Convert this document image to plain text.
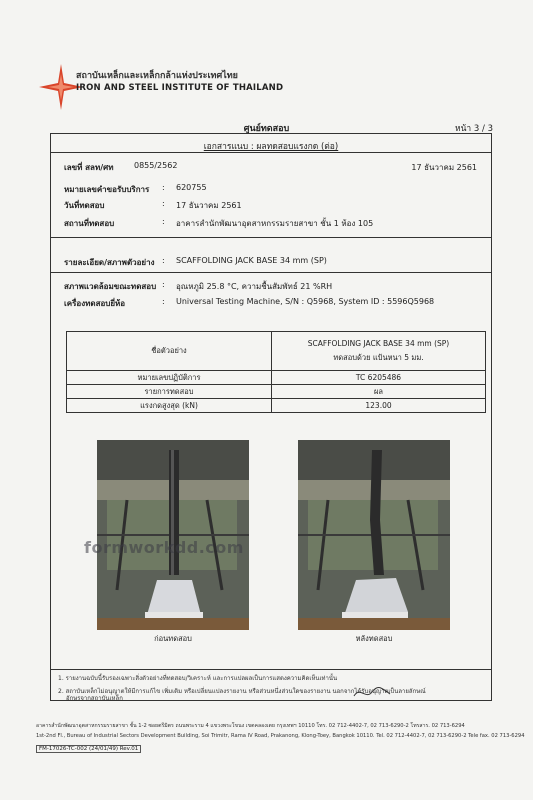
สถาบันเหล็กและเหล็กกล้าแห่งประเทศไทย
IRON AND STEEL INSTITUTE OF THAILAND
ศูนย์ทดสอบ	หน้า 3 / 3
เอกสารแนบ : ผลทดสอบแรงกด (ต่อ)
เลขที่ สลท/ศท	0855/2562	17 ธันวาคม 2561
หมายเลขคำขอรับบริการ : 620755
วันที่ทดสอบ	: 17 ธันวาคม 2561
สถานที่ทดสอบ	: อาคารสำนักพัฒนาอุตสาหกรรมรายสาขา ชั้น 1 ห้อง 105
รายละเอียด/สภาพตัวอย่าง : SCAFFOLDING JACK BASE 34 mm (SP)
สภาพแวดล้อมขณะทดสอบ : อุณหภูมิ 25.8 °C, ความชื้นสัมพัทธ์ 21 %RH
เครื่องทดสอบยี่ห้อ	: Universal Testing Machine, S/N : Q5968, System ID : 5596Q5968
ชื่อตัวอย่าง	SCAFFOLDING JACK BASE 34 mm (SP)
ทดสอบด้วย แป้นหนา 5 มม.

หมายเลขปฏิบัติการ	TC 6205486
รายการทดสอบ	ผล
แรงกดสูงสุด (kN)	123.00
ก่อนทดสอบ	หลังทดสอบ
formworkdd.com
1. รายงานฉบับนี้รับรองเฉพาะสิ่งตัวอย่างที่ทดสอบ/วิเคราะห์ และการแปลผลเป็นการแสดงความคิดเห็นเท่านั้น
2. สถาบันเหล็กไม่อนุญาตให้มีการแก้ไข เพิ่มเติม หรือเปลี่ยนแปลงรายงาน หรือส่วนหนึ่งส่วนใดของรายงาน นอกจากได้รับอนุญาตเป็นลายลักษณ์
อักษรจากสถาบันเหล็ก
อาคารสำนักพัฒนาอุตสาหกรรมรายสาขา ชั้น 1-2 ซอยตรีมิตร ถนนพระราม 4 แขวงพระโขนง เขตคลองเตย กรุงเทพฯ 10110 โทร. 02 712-4402-7, 02 713-6290-2 โทรสาร. 02 713-6294
1st-2nd Fl., Bureau of Industrial Sectors Development Building, Soi Trimitr, Rama IV Road, Prakanong, Klong-Toey, Bangkok 10110. Tel. 02 712-4402-7, 02 713-6290-2 Tele fax. 02 713-6294
FM-17026-TC-002 (24/01/49) Rev.01
